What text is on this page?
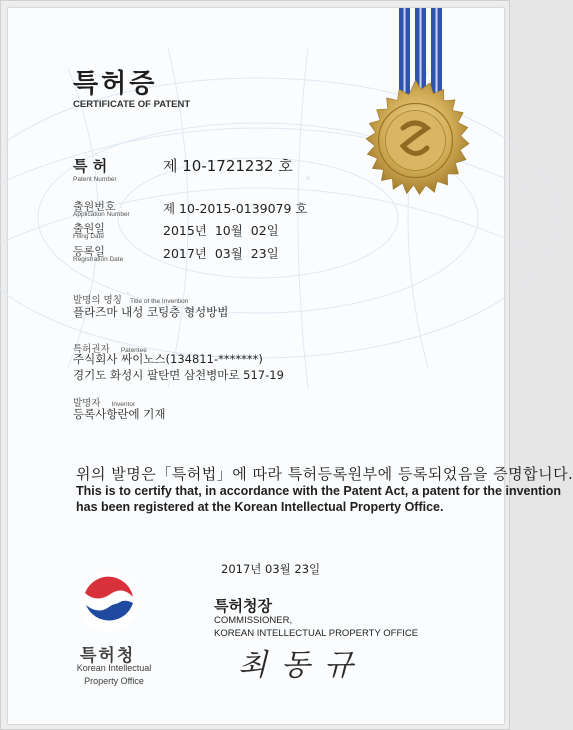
특허증
CERTIFICATE OF PATENT
특 허
Patent Number
제 10-1721232 호
출원번호
Application Number	제 10-2015-0139079 호
출원일
Filing Date	2015년  10월  02일
등록일
Registration Date	2017년  03월  23일
발명의 명칭 Title of the Invention
플라즈마 내성 코팅층 형성방법
특허권자 Patentee
주식회사 싸이노스(134811-*******)
경기도 화성시 팔탄면 삼천병마로 517-19
발명자 Inventor
등록사항란에 기재
위의 발명은「특허법」에 따라 특허등록원부에 등록되었음을 증명합니다.
This is to certify that, in accordance with the Patent Act, a patent for the invention
has been registered at the Korean Intellectual Property Office.
2017년 03월 23일
특허청장
COMMISSIONER,
KOREAN INTELLECTUAL PROPERTY OFFICE
최동규
특허청
Korean Intellectual Property Office
